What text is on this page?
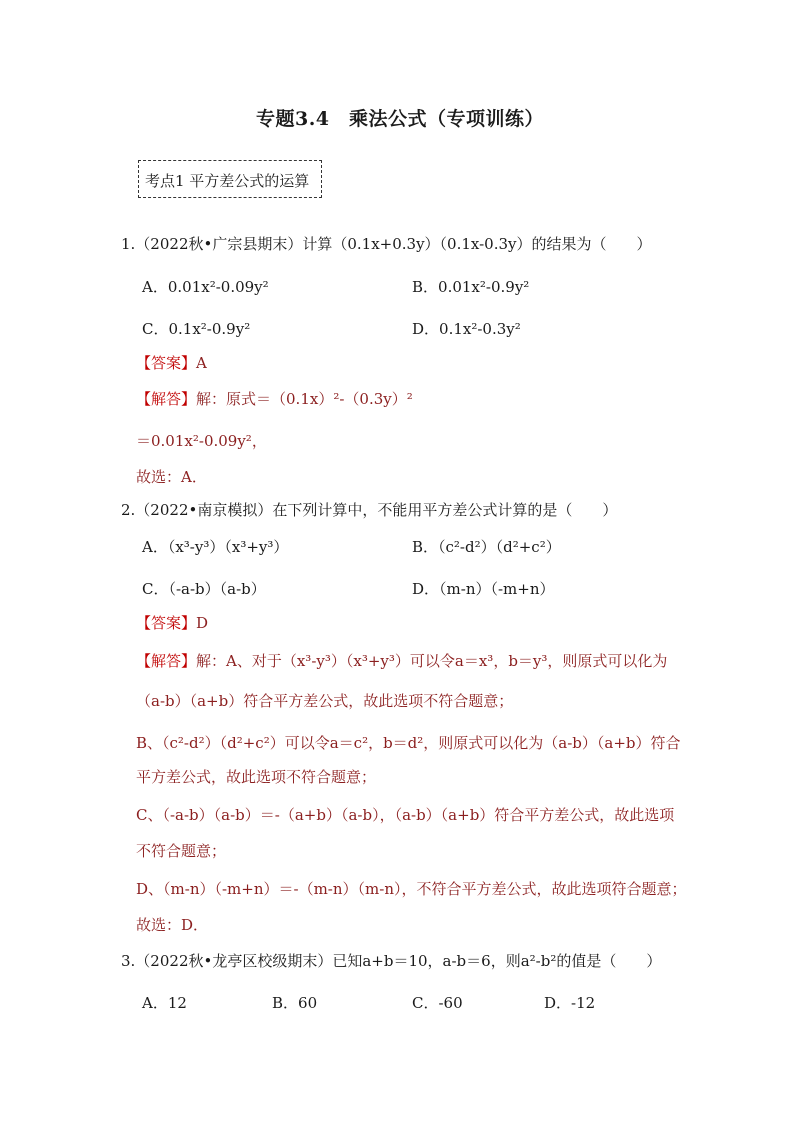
专题3.4　乘法公式（专项训练）
考点1 平方差公式的运算
1.（2022秋•广宗县期末）计算（0.1x+0.3y）（0.1x-0.3y）的结果为（　　）
A．0.01x²-0.09y²	B．0.01x²-0.9y²
C．0.1x²-0.9y²	D．0.1x²-0.3y²
【答案】A
【解答】解：原式＝（0.1x）²-（0.3y）²
＝0.01x²-0.09y²，
故选：A．
2.（2022•南京模拟）在下列计算中，不能用平方差公式计算的是（　　）
A．（x³-y³）（x³+y³）	B．（c²-d²）（d²+c²）
C．（-a-b）（a-b）	D．（m-n）（-m+n）
【答案】D
【解答】解：A、对于（x³-y³）（x³+y³）可以令a＝x³，b＝y³，则原式可以化为
（a-b）（a+b）符合平方差公式，故此选项不符合题意；
B、（c²-d²）（d²+c²）可以令a＝c²，b＝d²，则原式可以化为（a-b）（a+b）符合
平方差公式，故此选项不符合题意；
C、（-a-b）（a-b）＝-（a+b）（a-b），（a-b）（a+b）符合平方差公式，故此选项
不符合题意；
D、（m-n）（-m+n）＝-（m-n）（m-n），不符合平方差公式，故此选项符合题意；
故选：D．
3.（2022秋•龙亭区校级期末）已知a+b＝10，a-b＝6，则a²-b²的值是（　　）
A．12	B．60	C．-60	D．-12
